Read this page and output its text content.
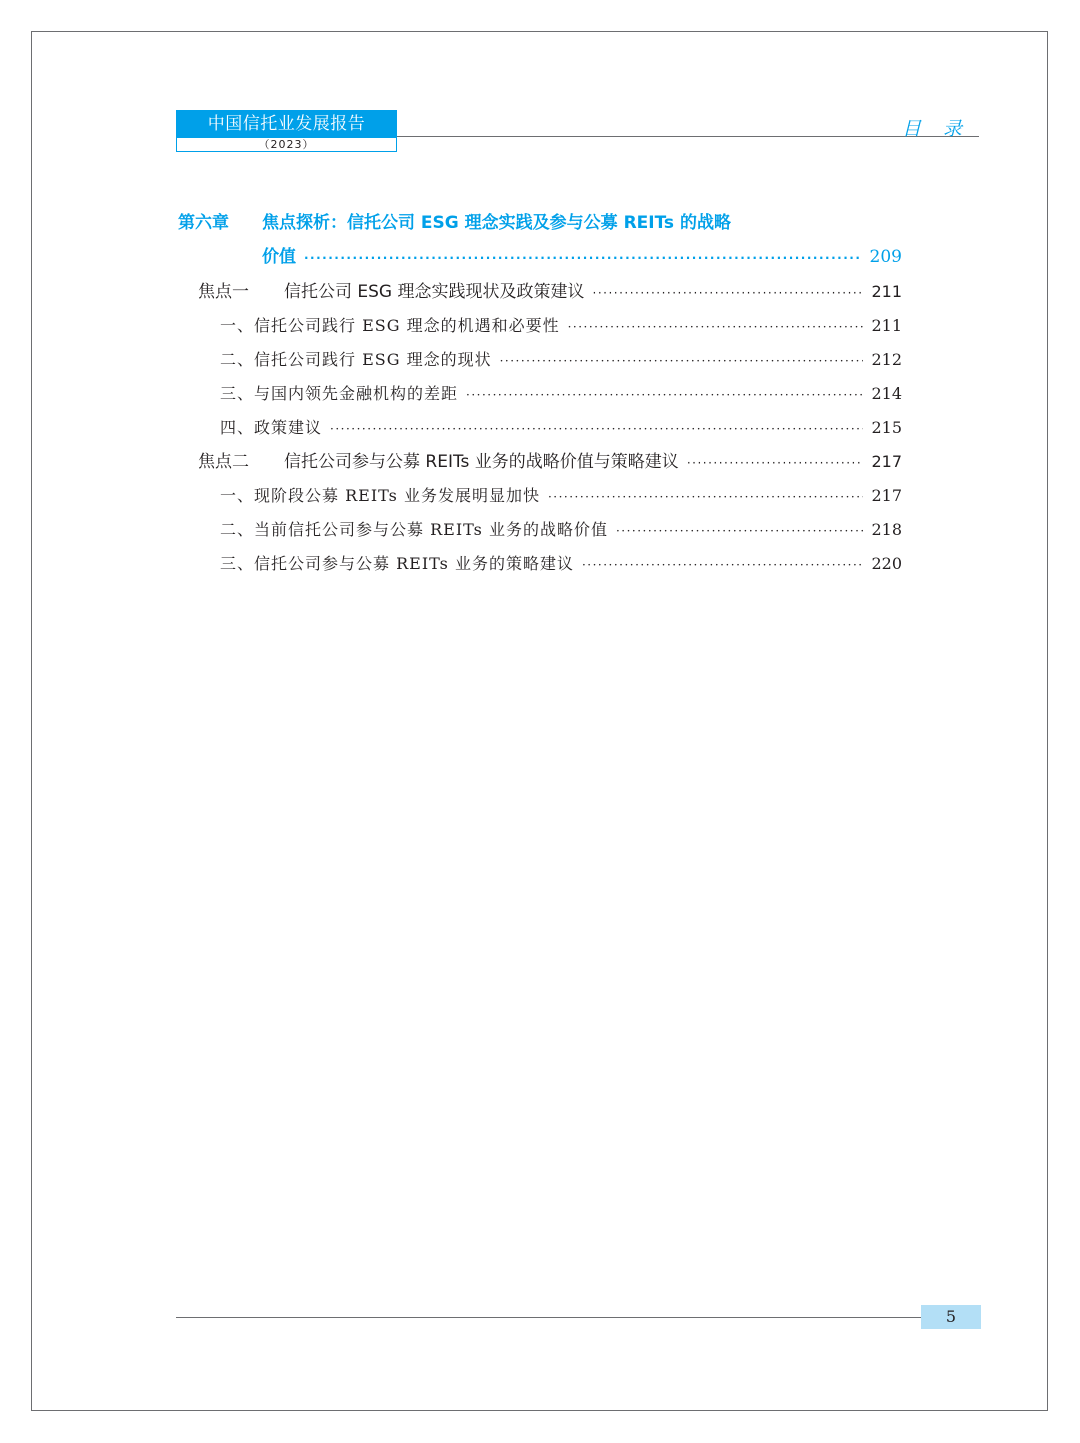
中国信托业发展报告
（2023）
目 录
第六章 焦点探析：信托公司 ESG 理念实践及参与公募 REITs 的战略
价值 ·····	209
焦点一	信托公司 ESG 理念实践现状及政策建议 ·····	211
一、信托公司践行 ESG 理念的机遇和必要性 ·····	211
二、信托公司践行 ESG 理念的现状 ·····	212
三、与国内领先金融机构的差距 ·····	214
四、政策建议 ·····	215
焦点二	信托公司参与公募 REITs 业务的战略价值与策略建议 ·····	217
一、现阶段公募 REITs 业务发展明显加快 ·····	217
二、当前信托公司参与公募 REITs 业务的战略价值 ·····	218
三、信托公司参与公募 REITs 业务的策略建议 ·····	220
5
